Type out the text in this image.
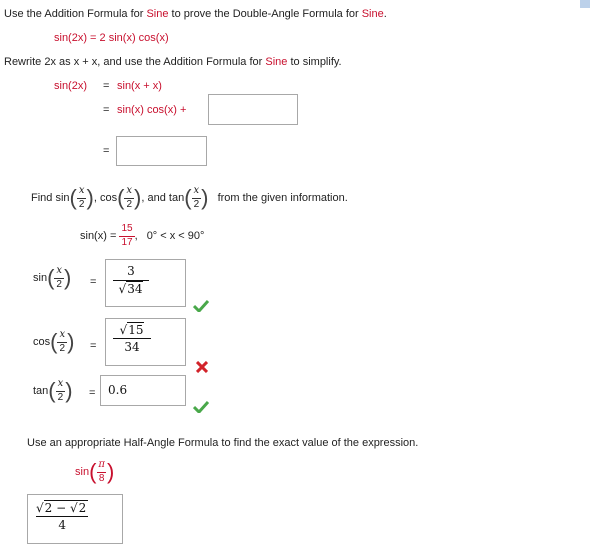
Use the Addition Formula for Sine to prove the Double-Angle Formula for Sine.
sin(2x) = 2 sin(x) cos(x)
Rewrite 2x as x + x, and use the Addition Formula for Sine to simplify.
sin(2x) = sin(x + x)
= sin(x) cos(x) +
=
Find $\sin( \frac{x}{2}$ ), $\cos( \frac{x}{2}$ ), and $\tan( \frac{x}{2}$ ) from the given information.
$\sin(x) = \frac{15}{17}$ , 0° < x < 90°
$\sin( \frac{x}{2}$ ) = $\frac{3}{√34}$
$\cos( \frac{x}{2}$ ) = $\frac{√15}{34}$
$\tan( \frac{x}{2}$ ) = 0.6
Use an appropriate Half-Angle Formula to find the exact value of the expression.
$\sin( \frac{\pi}{8}$ )
$\frac{√2 - √2}{4}$
